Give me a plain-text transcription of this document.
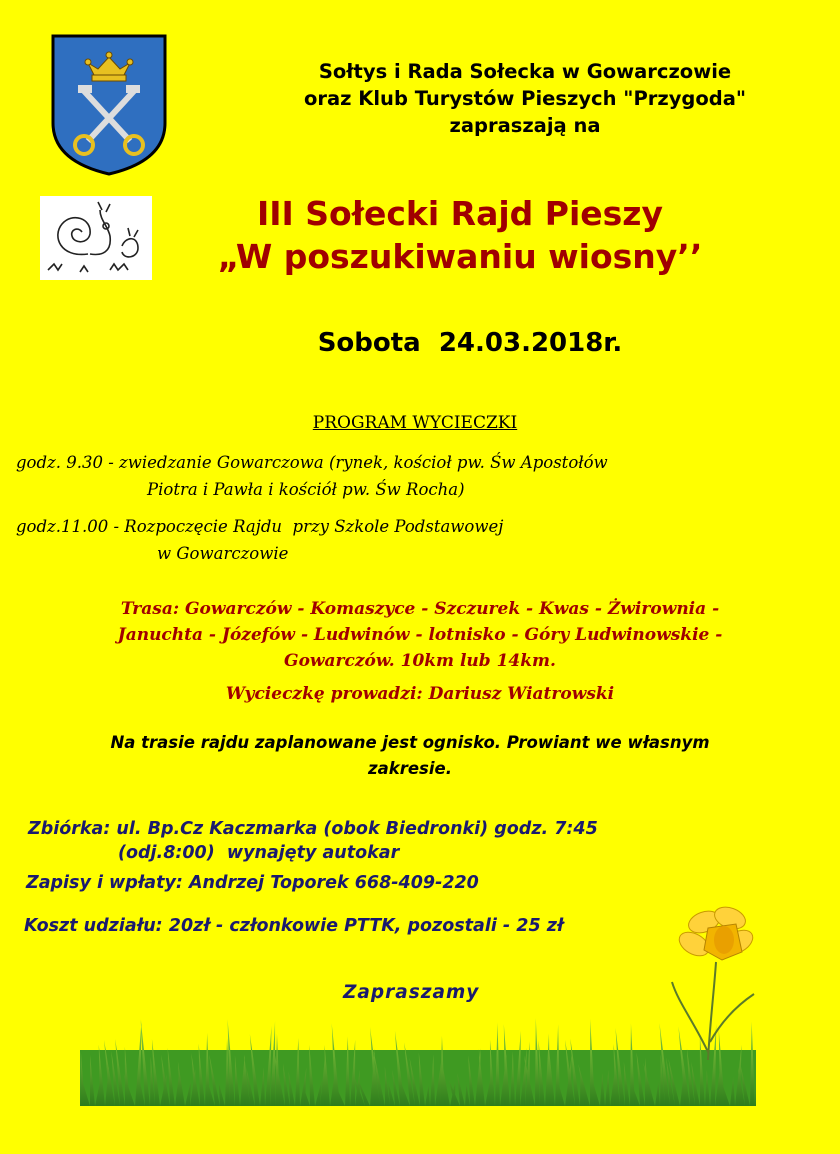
Sołtys i Rada Sołecka w Gowarczowie
oraz Klub Turystów Pieszych "Przygoda"
zapraszają na
III Sołecki Rajd Pieszy
„W poszukiwaniu wiosny’’
Sobota  24.03.2018r.
PROGRAM WYCIECZKI
godz. 9.30 - zwiedzanie Gowarczowa (rynek, kościoł pw. Św Apostołów
Piotra i Pawła i kościół pw. Św Rocha)
godz.11.00 - Rozpoczęcie Rajdu  przy Szkole Podstawowej
w Gowarczowie
Trasa: Gowarczów - Komaszyce - Szczurek - Kwas - Żwirownia -
Januchta - Józefów - Ludwinów - lotnisko - Góry Ludwinowskie -
Gowarczów. 10km lub 14km.
Wycieczkę prowadzi: Dariusz Wiatrowski
Na trasie rajdu zaplanowane jest ognisko. Prowiant we własnym
zakresie.
Zbiórka: ul. Bp.Cz Kaczmarka (obok Biedronki) godz. 7:45
(odj.8:00)  wynajęty autokar
Zapisy i wpłaty: Andrzej Toporek 668-409-220
Koszt udziału: 20zł - członkowie PTTK, pozostali - 25 zł
Zapraszamy
